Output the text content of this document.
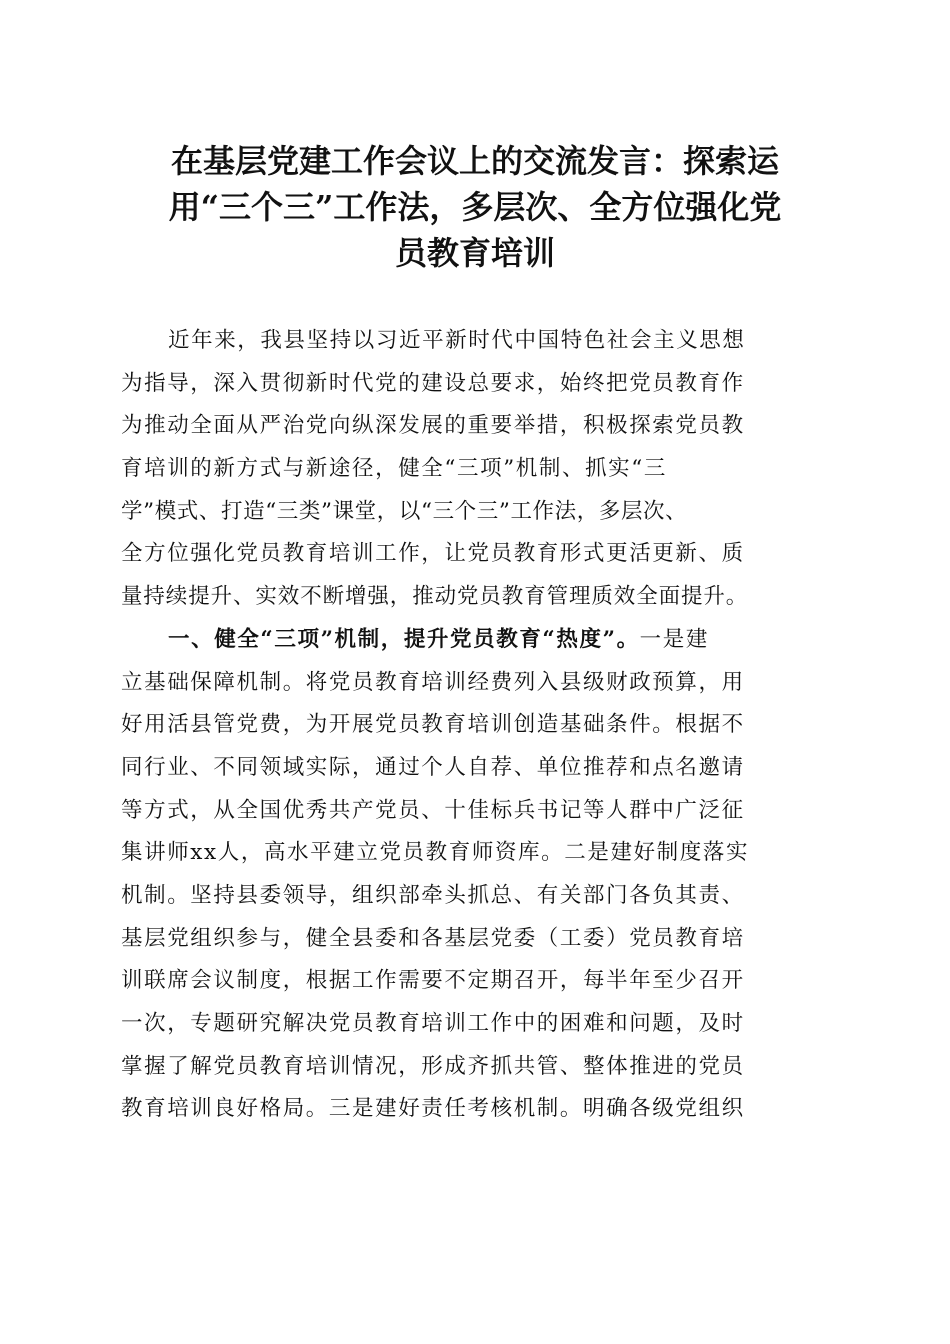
在基层党建工作会议上的交流发言：探索运
用“三个三”工作法，多层次、全方位强化党
员教育培训
近年来，我县坚持以习近平新时代中国特色社会主义思想
为指导，深入贯彻新时代党的建设总要求，始终把党员教育作
为推动全面从严治党向纵深发展的重要举措，积极探索党员教
育培训的新方式与新途径，健全“三项”机制、抓实“三
学”模式、打造“三类”课堂，以“三个三”工作法，多层次、
全方位强化党员教育培训工作，让党员教育形式更活更新、质
量持续提升、实效不断增强，推动党员教育管理质效全面提升。
一、健全“三项”机制，提升党员教育“热度”。一是建
立基础保障机制。将党员教育培训经费列入县级财政预算，用
好用活县管党费，为开展党员教育培训创造基础条件。根据不
同行业、不同领域实际，通过个人自荐、单位推荐和点名邀请
等方式，从全国优秀共产党员、十佳标兵书记等人群中广泛征
集讲师xx人，高水平建立党员教育师资库。二是建好制度落实
机制。坚持县委领导，组织部牵头抓总、有关部门各负其责、
基层党组织参与，健全县委和各基层党委（工委）党员教育培
训联席会议制度，根据工作需要不定期召开，每半年至少召开
一次，专题研究解决党员教育培训工作中的困难和问题，及时
掌握了解党员教育培训情况，形成齐抓共管、整体推进的党员
教育培训良好格局。三是建好责任考核机制。明确各级党组织
